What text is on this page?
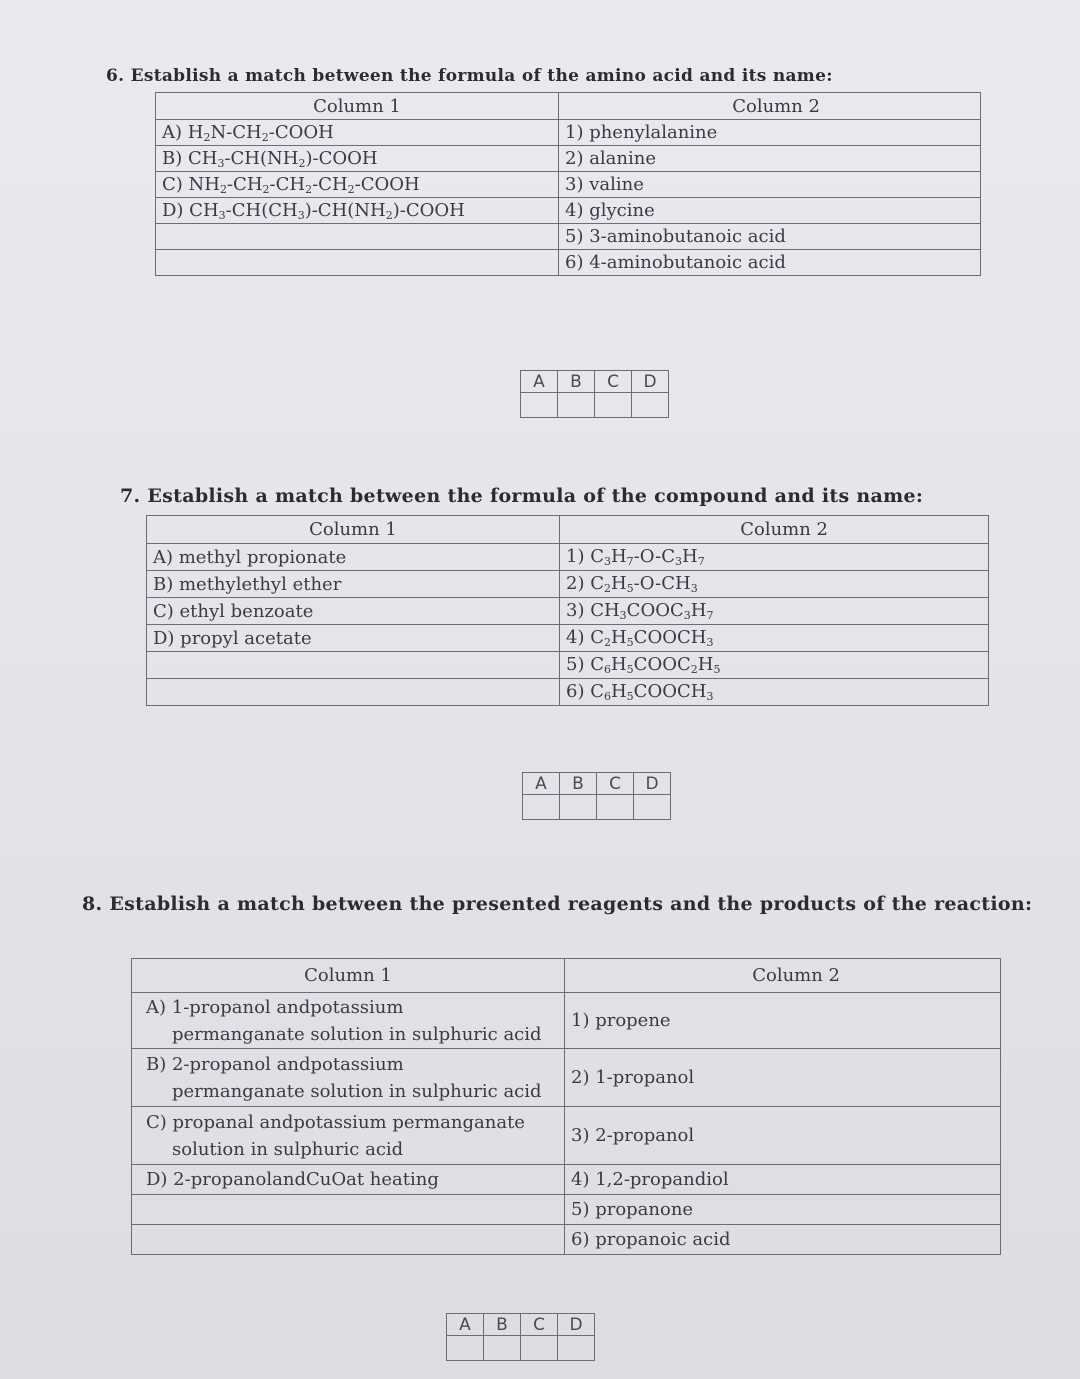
6. Establish a match between the formula of the amino acid and its name:
Column 1	Column 2
A) $H_2N-CH_2$-COOH	1) phenylalanine
B) $CH_3-CH(NH_2)$-COOH	2) alanine
C) $NH_2-CH_2-CH_2-CH_2$-COOH	3) valine
D) $CH_3-CH(CH_3)-CH(NH_2)$-COOH	4) glycine
	5) 3-aminobutanoic acid
	6) 4-aminobutanoic acid
A	B	C	D

7. Establish a match between the formula of the compound and its name:
Column 1	Column 2
A) methyl propionate	1) $C_3H_7-O-C_3H_7$
B) methylethyl ether	2) $C_2H_5-O-CH_3$
C) ethyl benzoate	3) $CH_3COOC_3H_7$
D) propyl acetate	4) $C_2H_5COOCH_3$
	5) $C_6H_5COOC_2H_5$
	6) $C_6H_5COOCH_3$
A	B	C	D

8. Establish a match between the presented reagents and the products of the reaction:
Column 1	Column 2
A) 1-propanol andpotassium
permanganate solution in sulphuric acid	1) propene
B) 2-propanol andpotassium
permanganate solution in sulphuric acid	2) 1-propanol
C) propanal andpotassium permanganate
solution in sulphuric acid	3) 2-propanol
D) 2-propanolandCuOat heating	4) 1,2-propandiol
	5) propanone
	6) propanoic acid
A	B	C	D
